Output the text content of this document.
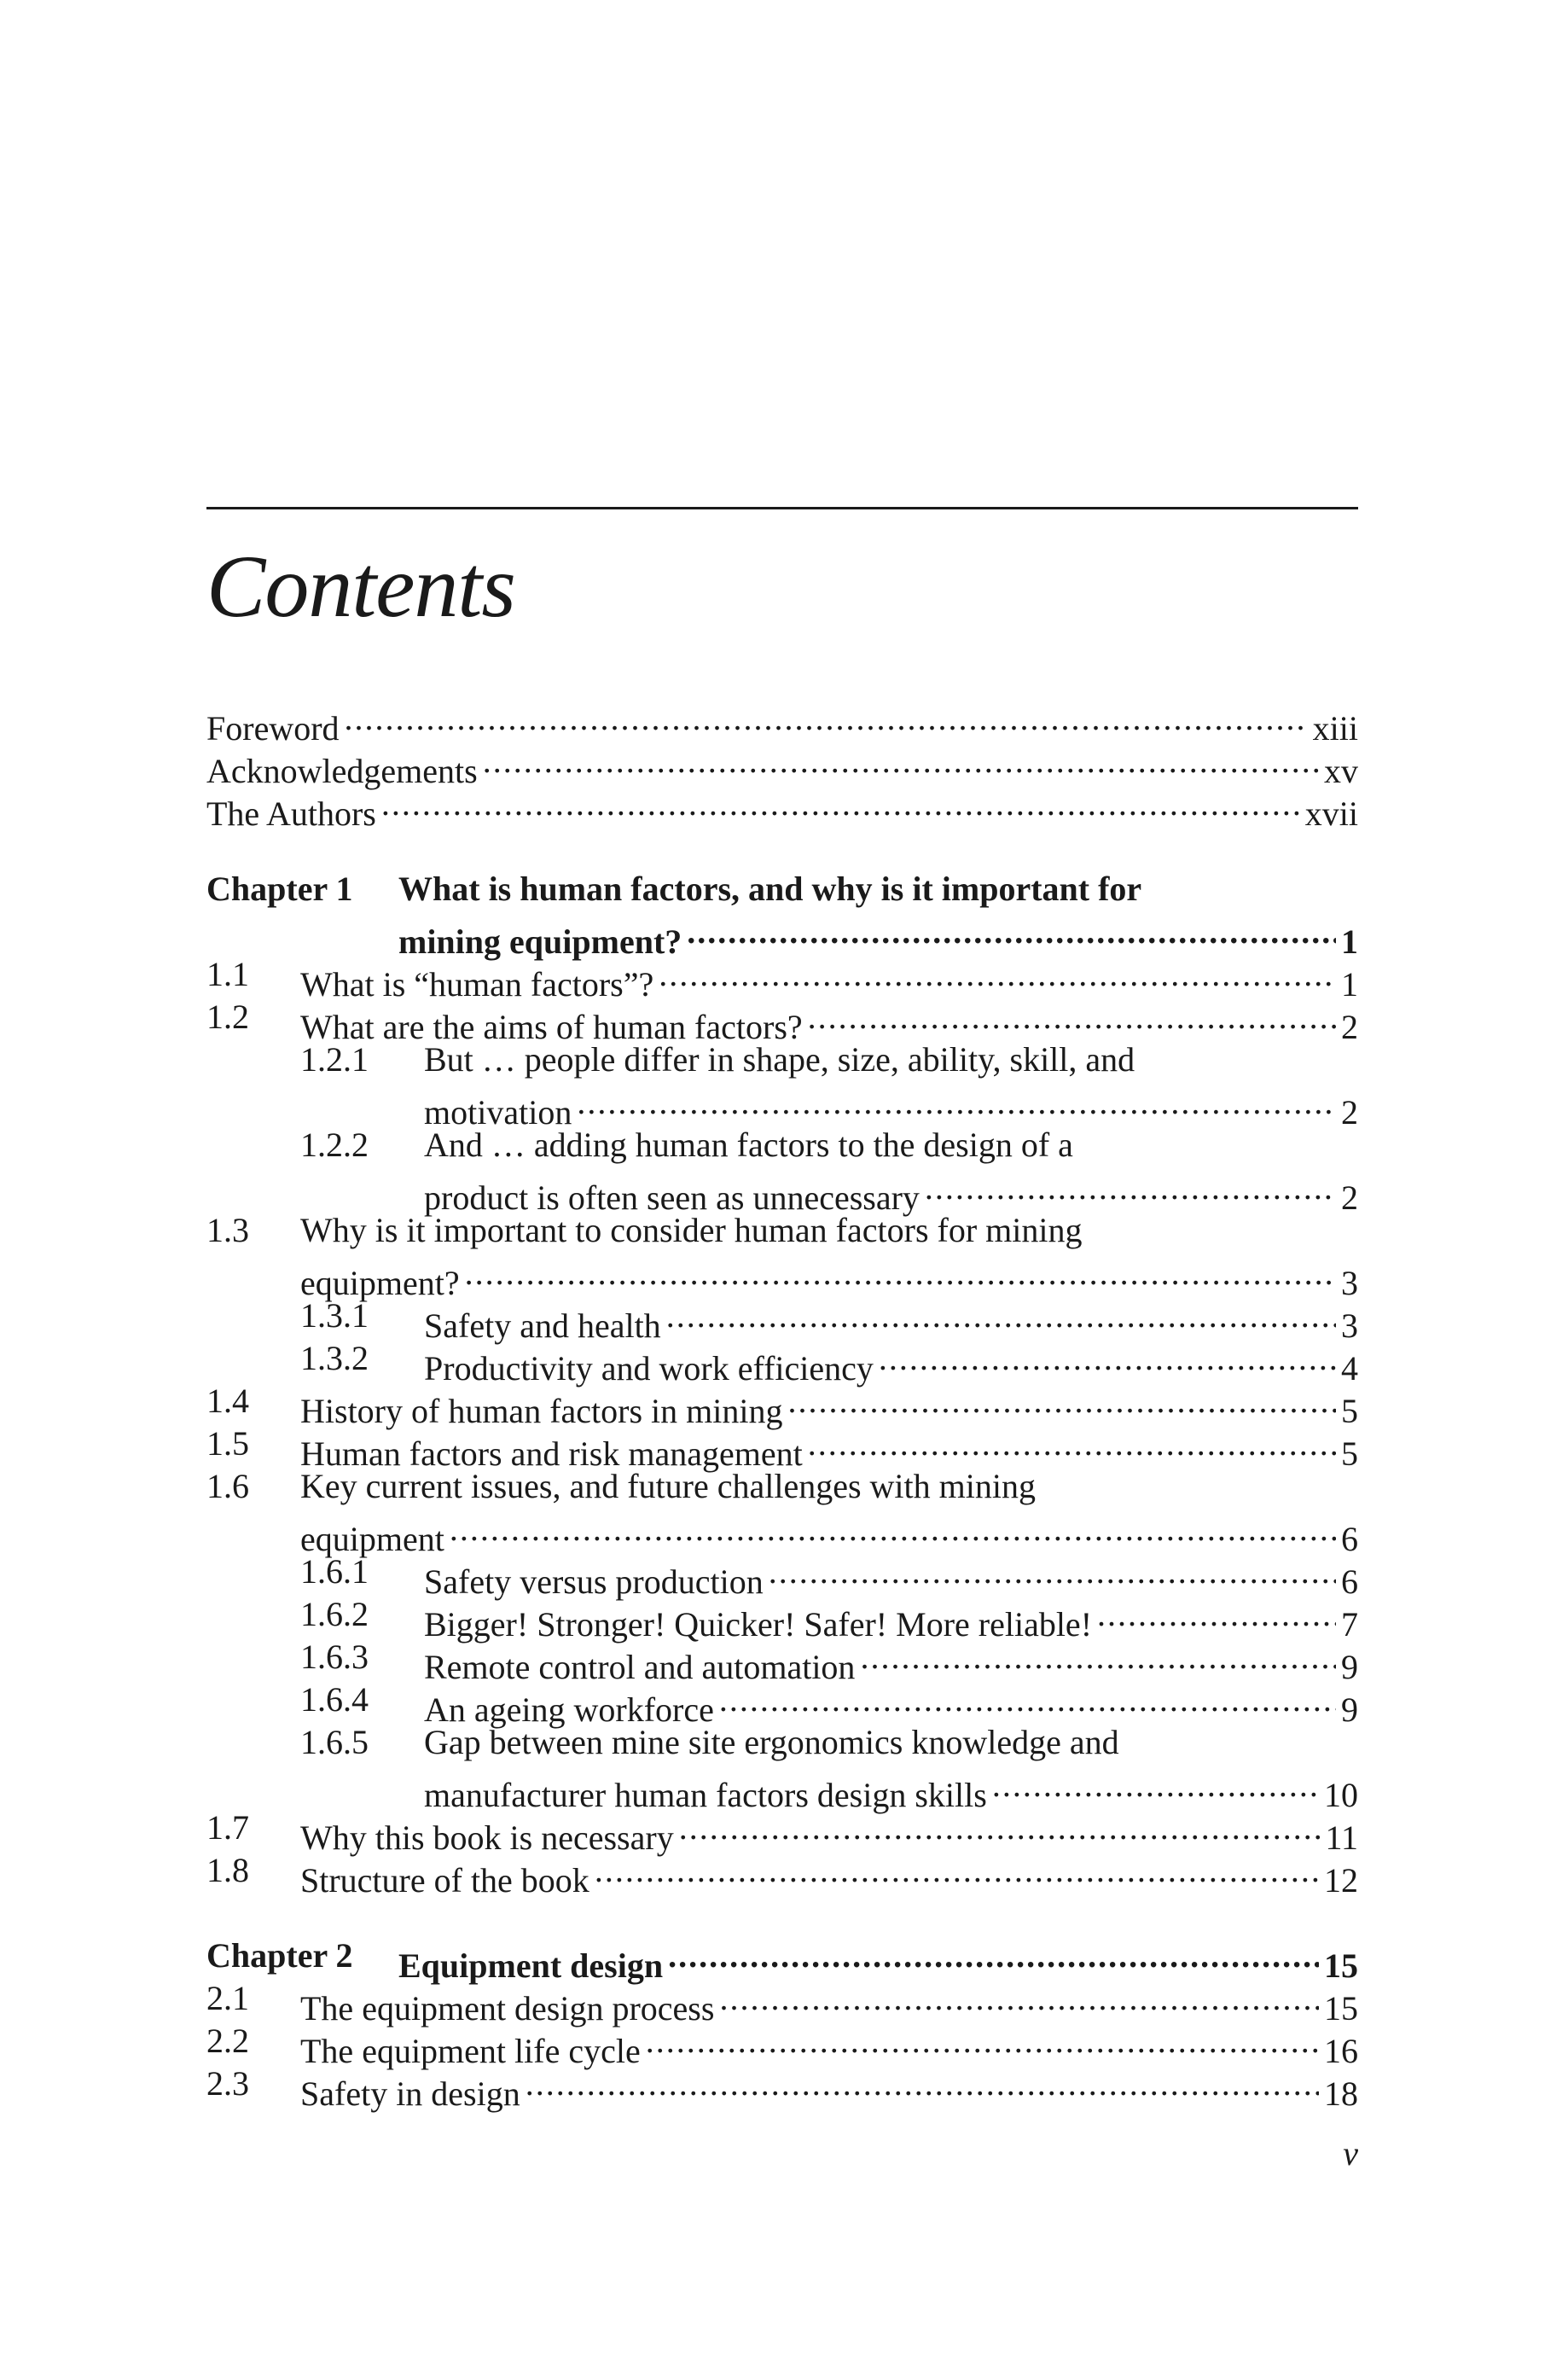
Contents
Foreword .....	xiii
Acknowledgements .....	xv
The Authors .....	xvii
Chapter 1 What is human factors, and why is it important for
mining equipment? .....	1
1.1 What is “human factors”? .....	1
1.2 What are the aims of human factors? .....	2
1.2.1 But … people differ in shape, size, ability, skill, and
motivation .....	2
1.2.2 And … adding human factors to the design of a
product is often seen as unnecessary .....	2
1.3 Why is it important to consider human factors for mining
equipment? .....	3
1.3.1 Safety and health .....	3
1.3.2 Productivity and work efficiency .....	4
1.4 History of human factors in mining .....	5
1.5 Human factors and risk management .....	5
1.6 Key current issues, and future challenges with mining
equipment .....	6
1.6.1 Safety versus production .....	6
1.6.2 Bigger! Stronger! Quicker! Safer! More reliable! .....	7
1.6.3 Remote control and automation .....	9
1.6.4 An ageing workforce .....	9
1.6.5 Gap between mine site ergonomics knowledge and
manufacturer human factors design skills .....	10
1.7 Why this book is necessary .....	11
1.8 Structure of the book .....	12
Chapter 2 Equipment design .....	15
2.1 The equipment design process .....	15
2.2 The equipment life cycle .....	16
2.3 Safety in design .....	18
v
